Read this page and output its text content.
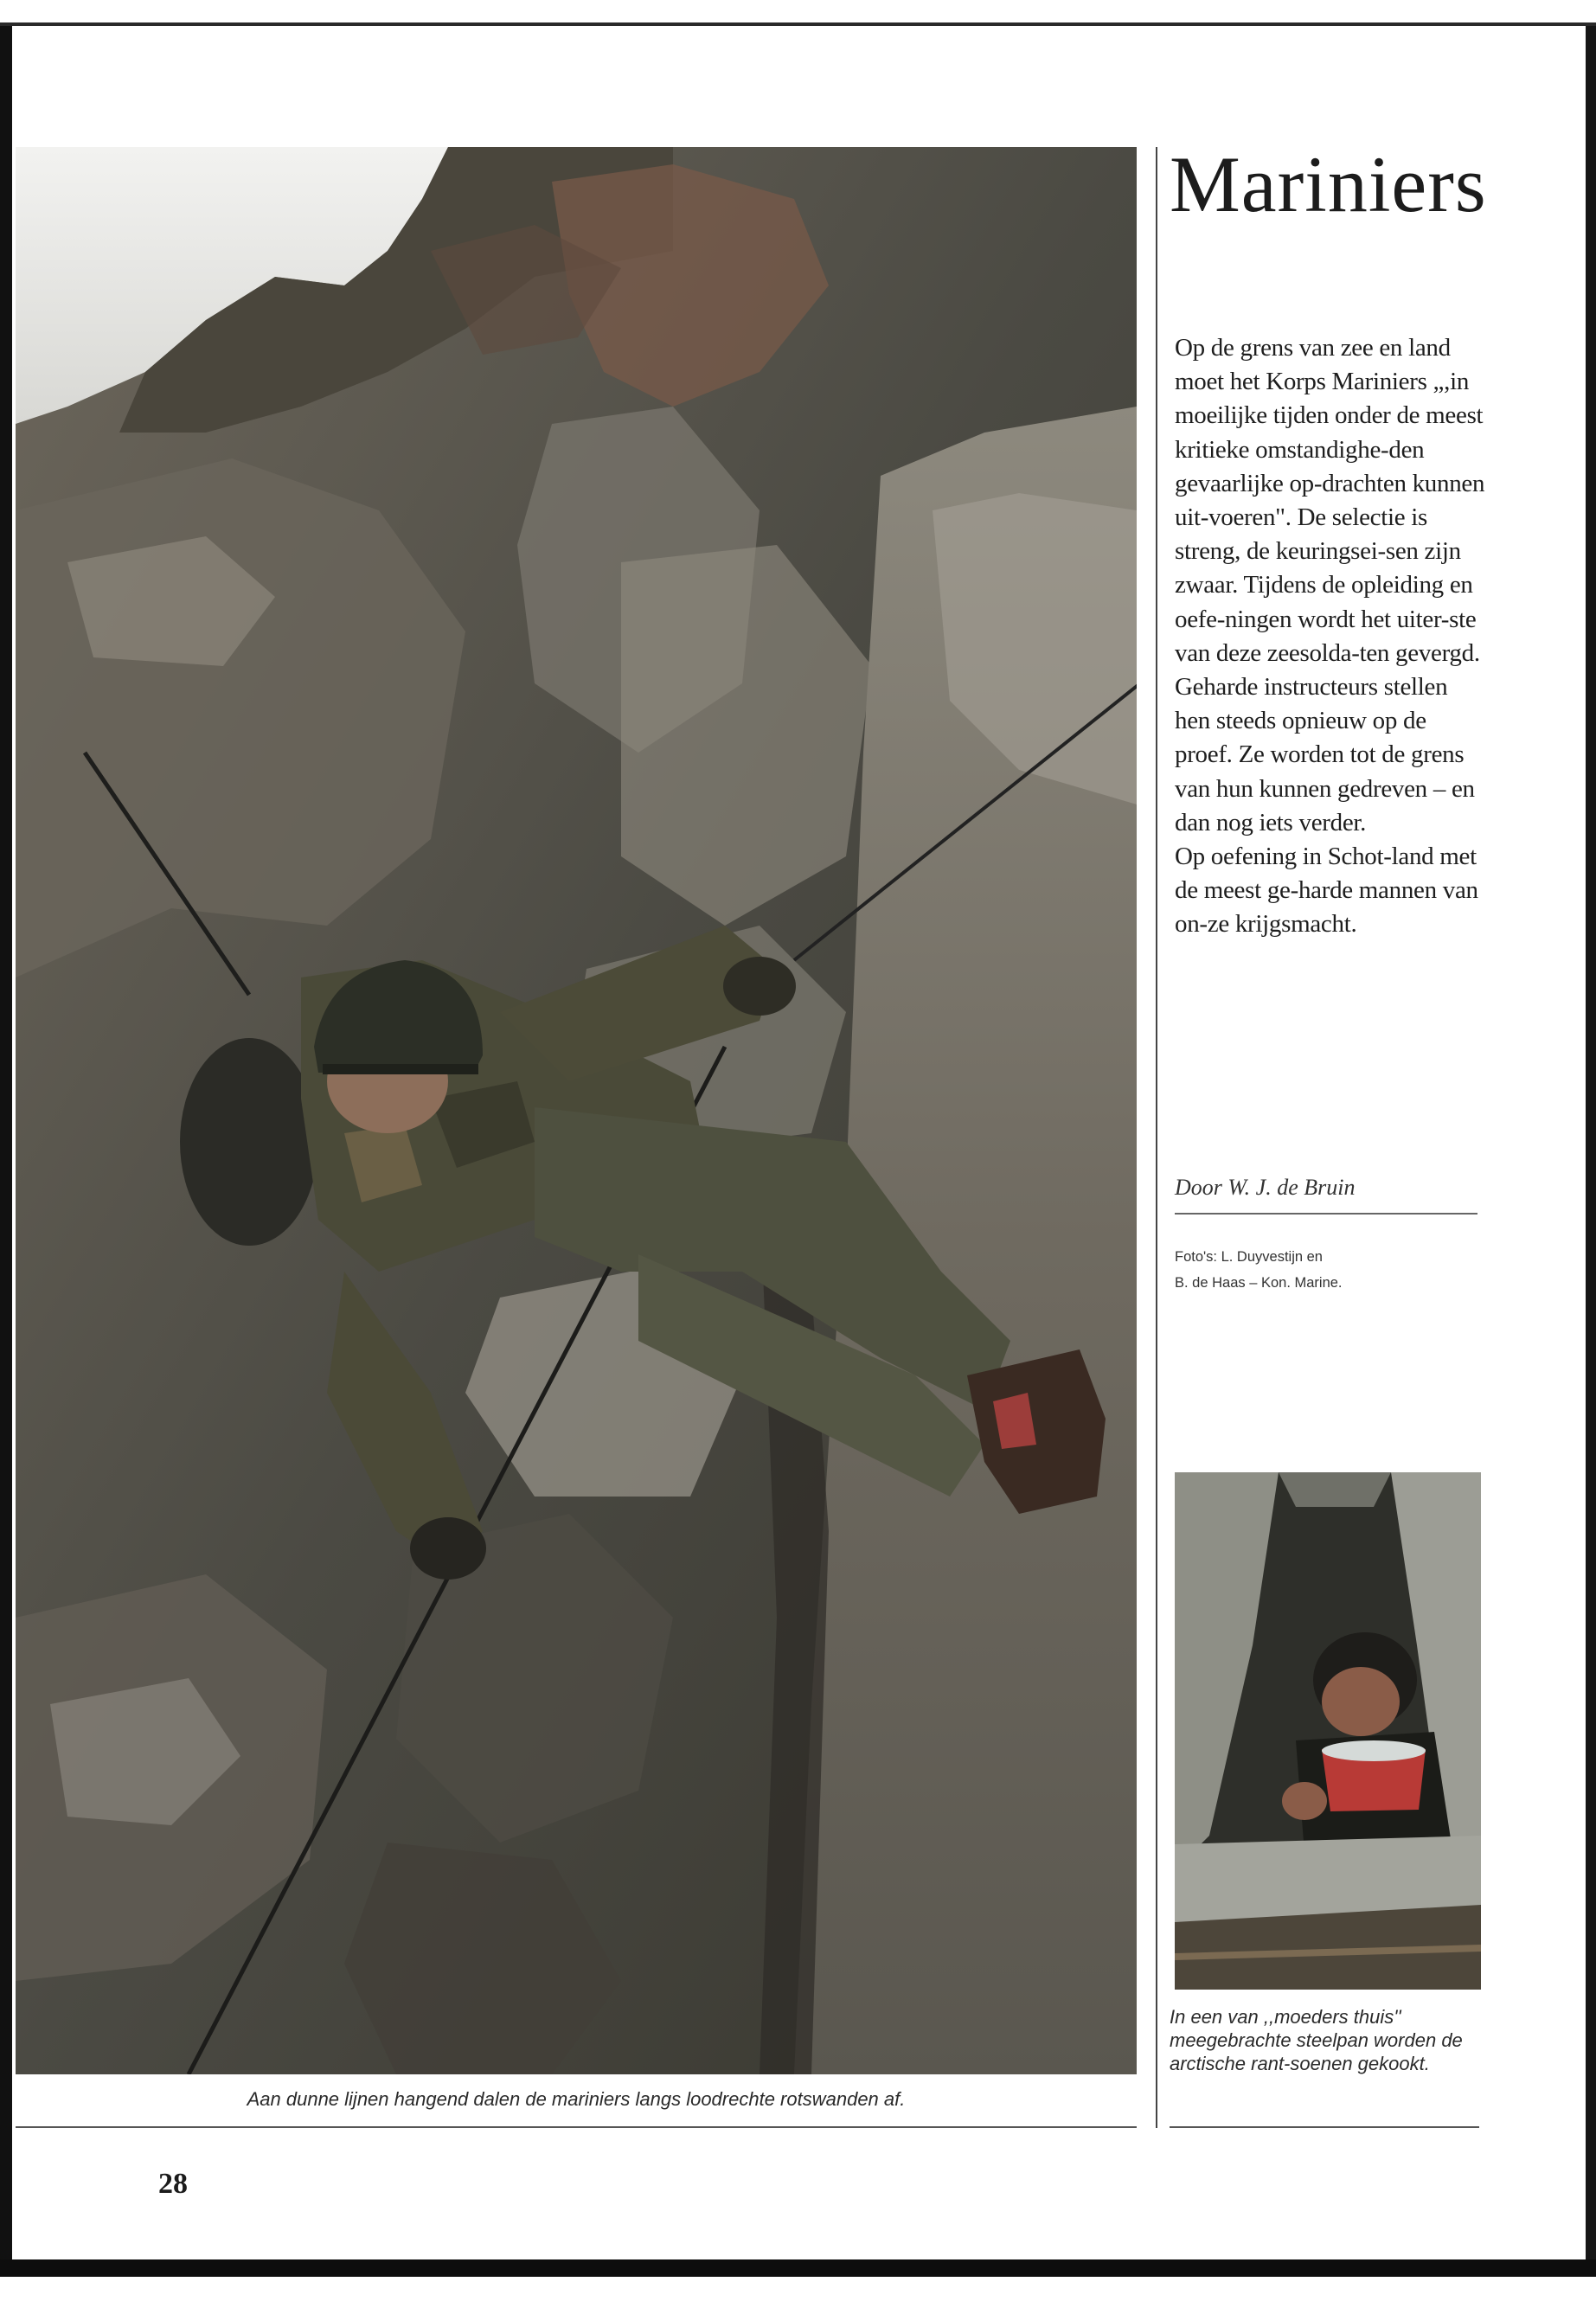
Mariniers

Op de grens van zee en land moet het Korps Mariniers „,in moeilijke tijden onder de meest kritieke omstandighe-den gevaarlijke op-drachten kunnen uit-voeren". De selectie is streng, de keuringsei-sen zijn zwaar. Tijdens de opleiding en oefe-ningen wordt het uiter-ste van deze zeesolda-ten gevergd. Geharde instructeurs stellen hen steeds opnieuw op de proef. Ze worden tot de grens van hun kunnen gedreven – en dan nog iets verder.
Op oefening in Schot-land met de meest ge-harde mannen van on-ze krijgsmacht.

Door W. J. de Bruin

Foto's: L. Duyvestijn en
B. de Haas – Kon. Marine.

In een van ,,moeders thuis'' meegebrachte steelpan worden de arctische rant-soenen gekookt.

Aan dunne lijnen hangend dalen de mariniers langs loodrechte rotswanden af.

28
